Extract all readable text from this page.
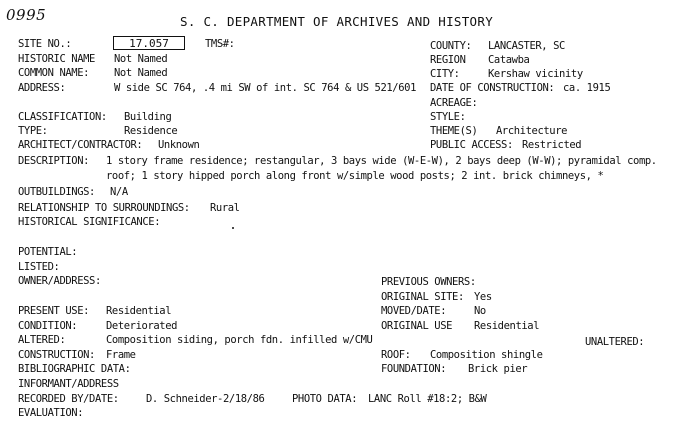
0995	S. C. DEPARTMENT OF ARCHIVES AND HISTORY
SITE NO.:	17.057	TMS#:
HISTORIC NAME Not Named
COMMON NAME: Not Named
ADDRESS:	W side SC 764, .4 mi SW of int. SC 764 & US 521/601
COUNTY: LANCASTER, SC
REGION Catawba
CITY:	Kershaw vicinity
DATE OF CONSTRUCTION: ca. 1915
ACREAGE:
STYLE:
THEME(S) Architecture
PUBLIC ACCESS: Restricted
CLASSIFICATION: Building
TYPE:	Residence
ARCHITECT/CONTRACTOR: Unknown
DESCRIPTION: 1 story frame residence; restangular, 3 bays wide (W-E-W), 2 bays deep (W-W); pyramidal comp.
roof; 1 story hipped porch along front w/simple wood posts; 2 int. brick chimneys, *
OUTBUILDINGS: N/A
RELATIONSHIP TO SURROUNDINGS: Rural
HISTORICAL SIGNIFICANCE:
POTENTIAL:
LISTED:
OWNER/ADDRESS:	PREVIOUS OWNERS:
ORIGINAL SITE: Yes
MOVED/DATE:	No
PRESENT USE: Residential
ORIGINAL USE Residential
CONDITION:	Deteriorated
ALTERED:	Composition siding, porch fdn. infilled w/CMU	UNALTERED:
CONSTRUCTION: Frame	ROOF: Composition shingle
BIBLIOGRAPHIC DATA:	FOUNDATION: Brick pier
INFORMANT/ADDRESS
RECORDED BY/DATE:	D. Schneider-2/18/86	PHOTO DATA: LANC Roll #18:2; B&W
EVALUATION:
